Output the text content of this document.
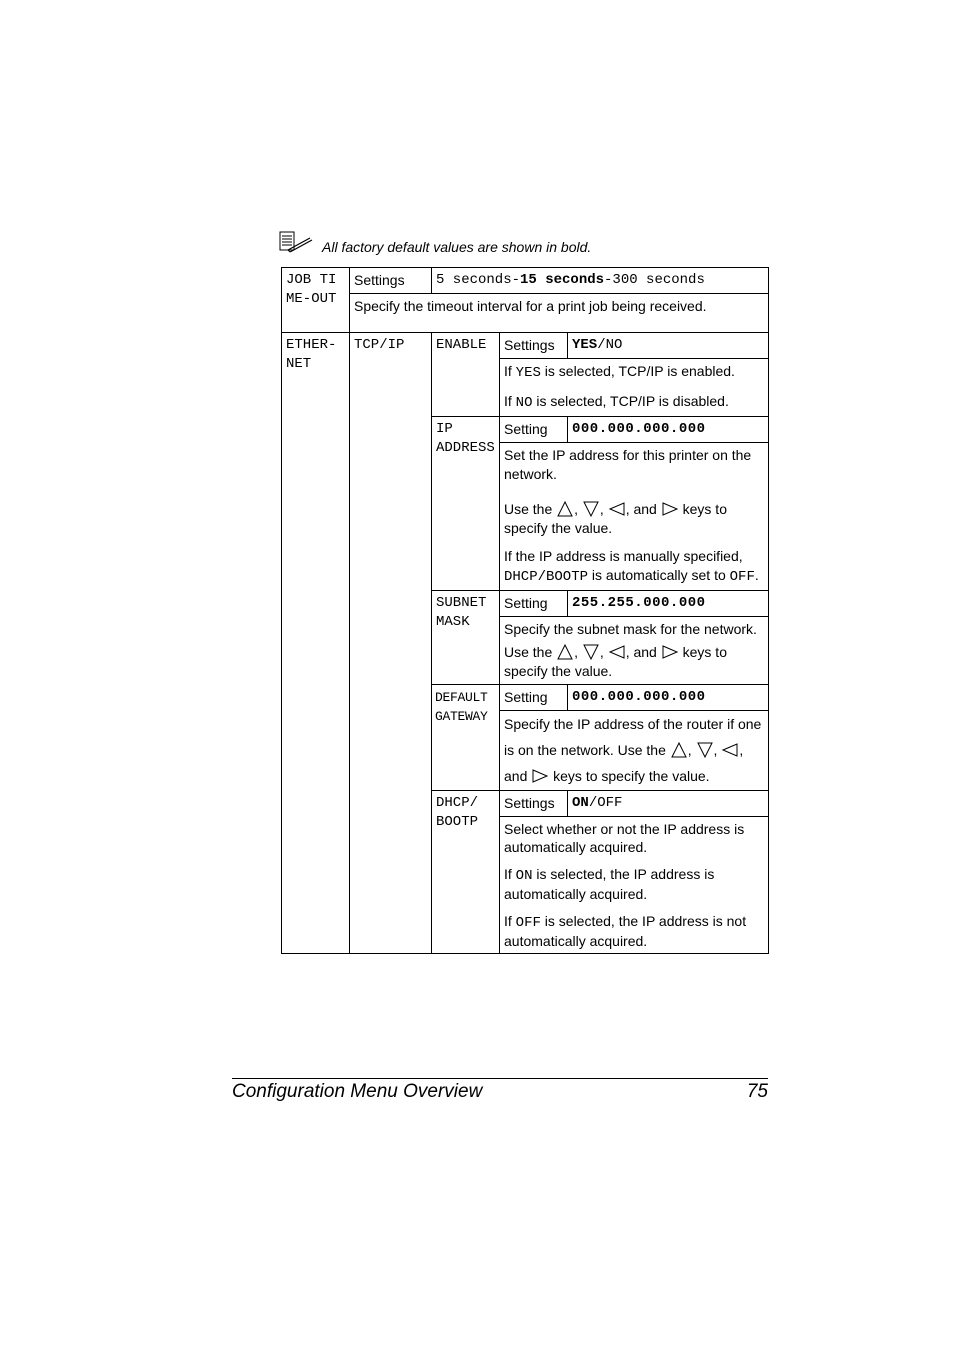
All factory default values are shown in bold.
JOB TIME-OUT	Settings	5 seconds-15 seconds-300 seconds		
	Specify the timeout interval for a print job being received.			

ETHER-NET	TCP/IP	ENABLE	Settings	YES/NO

			If YES is selected, TCP/IP is enabled.

If NO is selected, TCP/IP is disabled.	

		IP ADDRESS	Setting	000.000.000.000

			Set the IP address for this printer on the network.

Use the , , , and  keys to specify the value.

If the IP address is manually specified, DHCP/BOOTP is automatically set to OFF.	

		SUBNET MASK	Setting	255.255.000.000

			Specify the subnet mask for the network.

Use the , , , and  keys to specify the value.	

		DEFAULT GATEWAY	Setting	000.000.000.000

			Specify the IP address of the router if one is on the network. Use the , , , and  keys to specify the value.	

		DHCP/ BOOTP	Settings	ON/OFF

			Select whether or not the IP address is automatically acquired.

If ON is selected, the IP address is automatically acquired.

If OFF is selected, the IP address is not automatically acquired.	

Configuration Menu Overview	75
